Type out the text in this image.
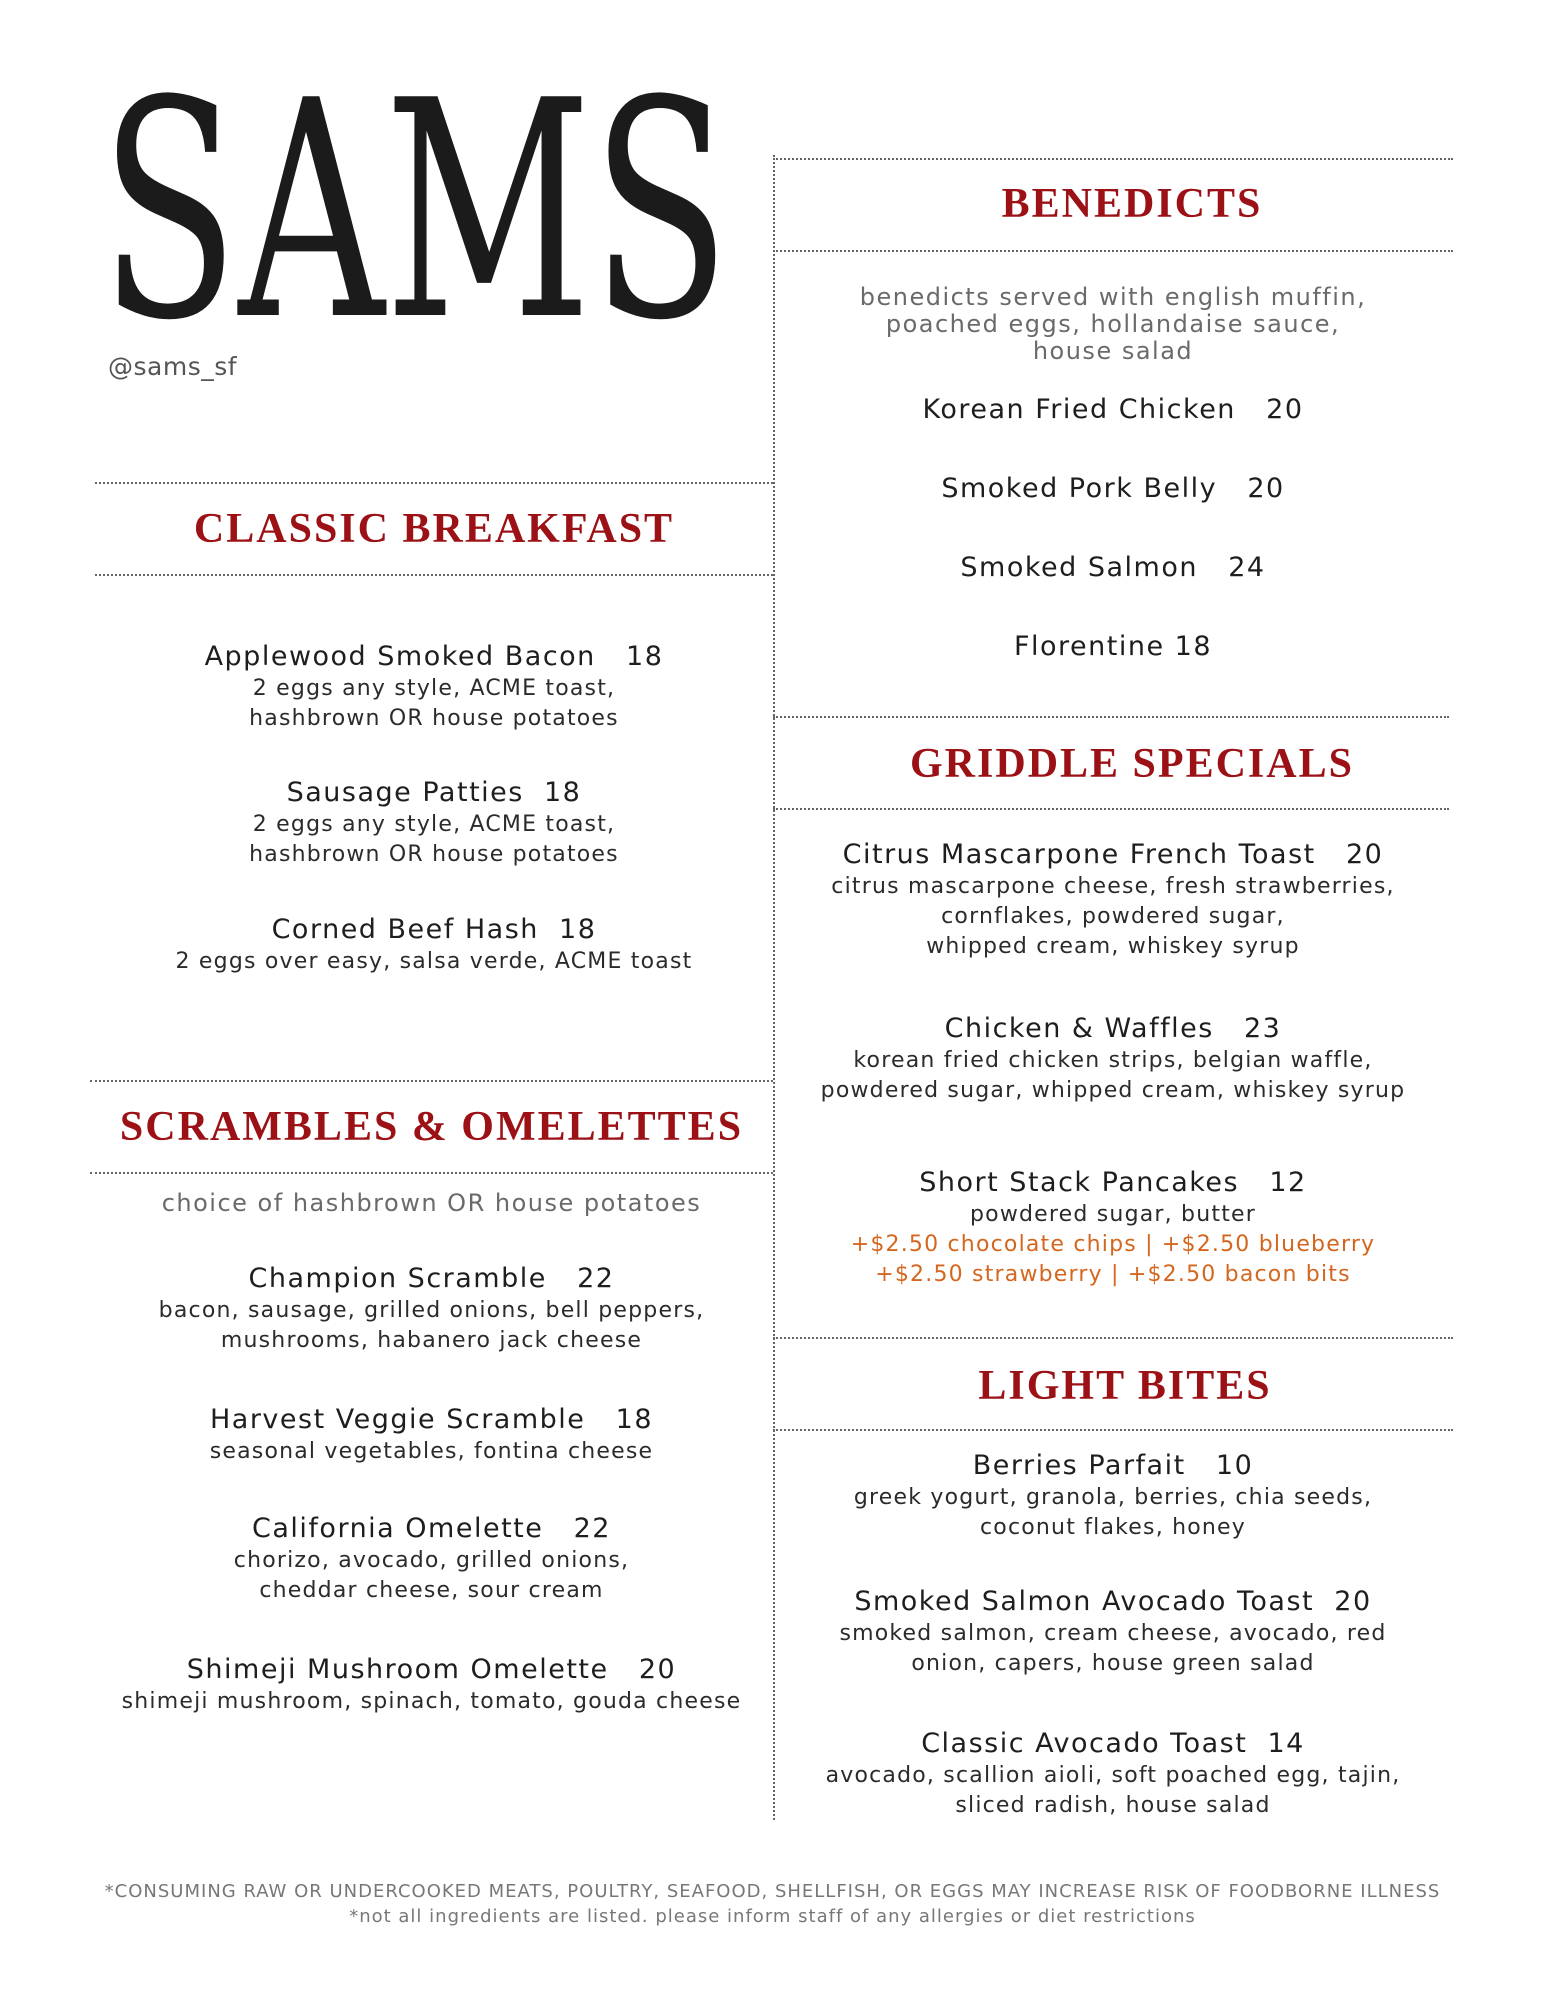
SAMS
@sams_sf
CLASSIC BREAKFAST
Applewood Smoked Bacon   18
2 eggs any style, ACME toast,
hashbrown OR house potatoes
Sausage Patties  18
2 eggs any style, ACME toast,
hashbrown OR house potatoes
Corned Beef Hash  18
2 eggs over easy, salsa verde, ACME toast
SCRAMBLES & OMELETTES
choice of hashbrown OR house potatoes
Champion Scramble   22
bacon, sausage, grilled onions, bell peppers,
mushrooms, habanero jack cheese
Harvest Veggie Scramble   18
seasonal vegetables, fontina cheese
California Omelette   22
chorizo, avocado, grilled onions,
cheddar cheese, sour cream
Shimeji Mushroom Omelette   20
shimeji mushroom, spinach, tomato, gouda cheese
BENEDICTS
benedicts served with english muffin,
poached eggs, hollandaise sauce,
house salad
Korean Fried Chicken   20
Smoked Pork Belly   20
Smoked Salmon   24
Florentine 18
GRIDDLE SPECIALS
Citrus Mascarpone French Toast   20
citrus mascarpone cheese, fresh strawberries,
cornflakes, powdered sugar,
whipped cream, whiskey syrup
Chicken & Waffles   23
korean fried chicken strips, belgian waffle,
powdered sugar, whipped cream, whiskey syrup
Short Stack Pancakes   12
powdered sugar, butter
+$2.50 chocolate chips | +$2.50 blueberry
+$2.50 strawberry | +$2.50 bacon bits
LIGHT BITES
Berries Parfait   10
greek yogurt, granola, berries, chia seeds,
coconut flakes, honey
Smoked Salmon Avocado Toast  20
smoked salmon, cream cheese, avocado, red
onion, capers, house green salad
Classic Avocado Toast  14
avocado, scallion aioli, soft poached egg, tajin,
sliced radish, house salad
*CONSUMING RAW OR UNDERCOOKED MEATS, POULTRY, SEAFOOD, SHELLFISH, OR EGGS MAY INCREASE RISK OF FOODBORNE ILLNESS
*not all ingredients are listed. please inform staff of any allergies or diet restrictions
